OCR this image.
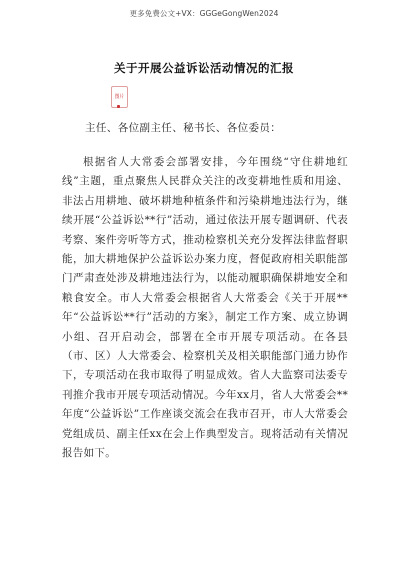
更多免费公文+VX：GGGeGongWen2024
关于开展公益诉讼活动情况的汇报
图片
主任、各位副主任、秘书长、各位委员：

根据省人大常委会部署安排，今年围绕“守住耕地红线”主题，重点聚焦人民群众关注的改变耕地性质和用途、非法占用耕地、破坏耕地种植条件和污染耕地违法行为，继续开展“公益诉讼**行”活动，通过依法开展专题调研、代表考察、案件旁听等方式，推动检察机关充分发挥法律监督职能，加大耕地保护公益诉讼办案力度，督促政府相关职能部门严肃查处涉及耕地违法行为，以能动履职确保耕地安全和粮食安全。市人大常委会根据省人大常委会《关于开展**年“公益诉讼**行”活动的方案》，制定工作方案、成立协调小组、召开启动会，部署在全市开展专项活动。在各县（市、区）人大常委会、检察机关及相关职能部门通力协作下，专项活动在我市取得了明显成效。省人大监察司法委专刊推介我市开展专项活动情况。今年xx月，省人大常委会**年度“公益诉讼”工作座谈交流会在我市召开，市人大常委会党组成员、副主任xx在会上作典型发言。现将活动有关情况报告如下。
